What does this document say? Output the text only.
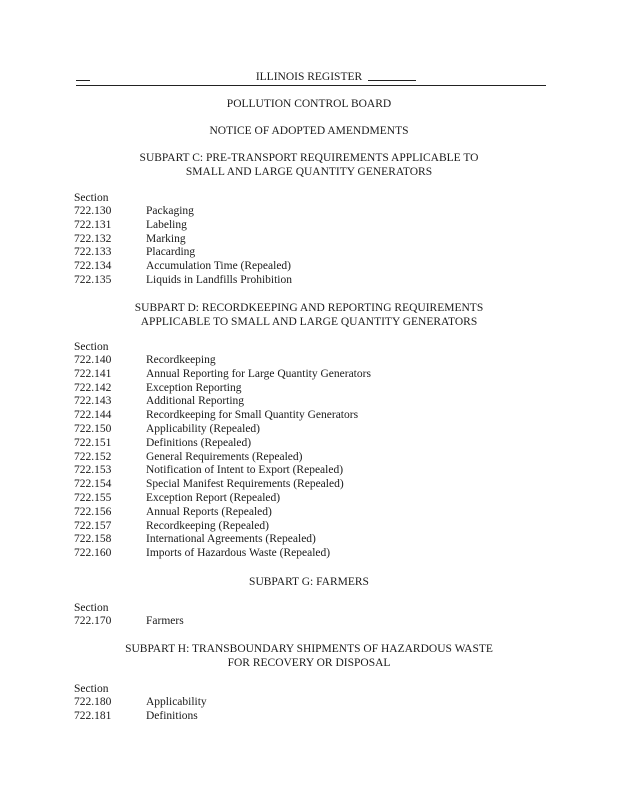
ILLINOIS REGISTER
POLLUTION CONTROL BOARD
NOTICE OF ADOPTED AMENDMENTS
SUBPART C: PRE-TRANSPORT REQUIREMENTS APPLICABLE TO
SMALL AND LARGE QUANTITY GENERATORS
Section
722.130	Packaging
722.131	Labeling
722.132	Marking
722.133	Placarding
722.134	Accumulation Time (Repealed)
722.135	Liquids in Landfills Prohibition
SUBPART D: RECORDKEEPING AND REPORTING REQUIREMENTS
APPLICABLE TO SMALL AND LARGE QUANTITY GENERATORS
Section
722.140	Recordkeeping
722.141	Annual Reporting for Large Quantity Generators
722.142	Exception Reporting
722.143	Additional Reporting
722.144	Recordkeeping for Small Quantity Generators
722.150	Applicability (Repealed)
722.151	Definitions (Repealed)
722.152	General Requirements (Repealed)
722.153	Notification of Intent to Export (Repealed)
722.154	Special Manifest Requirements (Repealed)
722.155	Exception Report (Repealed)
722.156	Annual Reports (Repealed)
722.157	Recordkeeping (Repealed)
722.158	International Agreements (Repealed)
722.160	Imports of Hazardous Waste (Repealed)
SUBPART G: FARMERS
Section
722.170	Farmers
SUBPART H: TRANSBOUNDARY SHIPMENTS OF HAZARDOUS WASTE
FOR RECOVERY OR DISPOSAL
Section
722.180	Applicability
722.181	Definitions
